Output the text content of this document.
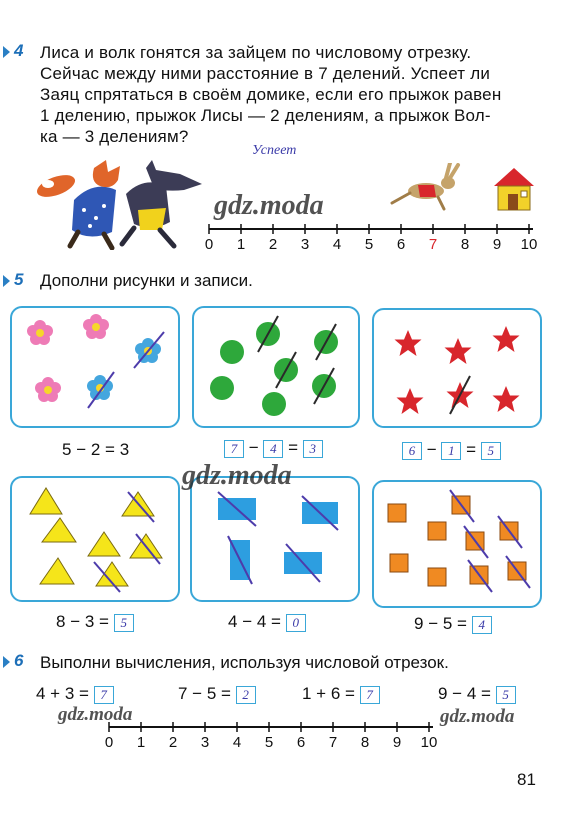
4 Лиса и волк гонятся за зайцем по числовому отрезку.
Сейчас между ними расстояние в 7 делений. Успеет ли
Заяц спрятаться в своём домике, если его прыжок равен
1 делению, прыжок Лисы — 2 делениям, а прыжок Вол-
ка — 3 делениям?
Успеет
0	1	2	3	4	5	6	7	8	9	10
5 Дополни рисунки и записи.
5 − 2 = 3	7 − 4 = 3	6 − 1 = 5
8 − 3 = 5	4 − 4 = 0	9 − 5 = 4
6 Выполни вычисления, используя числовой отрезок.
4 + 3 = 7	7 − 5 = 2	1 + 6 = 7	9 − 4 = 5
0	1	2	3	4	5	6	7	8	9	10
gdz.moda
gdz.moda
gdz.moda	gdz.moda
81
